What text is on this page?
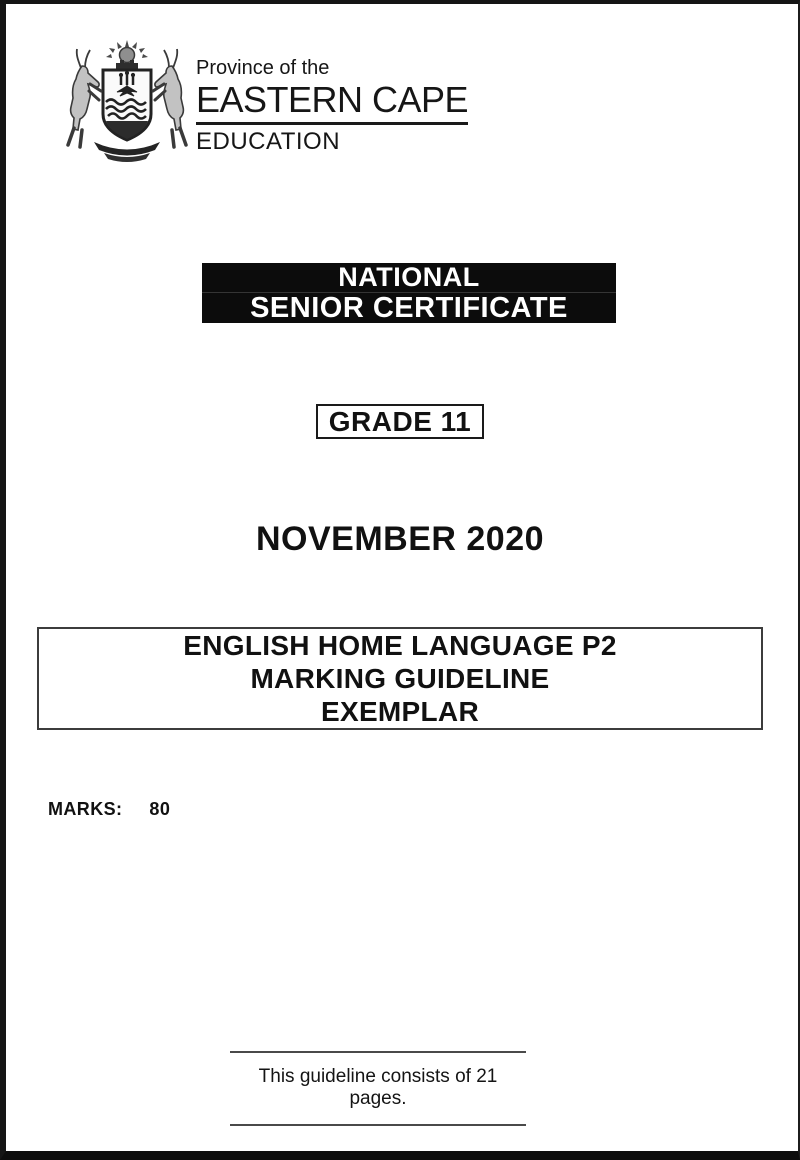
Province of the
EASTERN CAPE
EDUCATION
NATIONAL
SENIOR CERTIFICATE
GRADE 11
NOVEMBER 2020
ENGLISH HOME LANGUAGE P2
MARKING GUIDELINE
EXEMPLAR
MARKS: 80
This guideline consists of 21 pages.
